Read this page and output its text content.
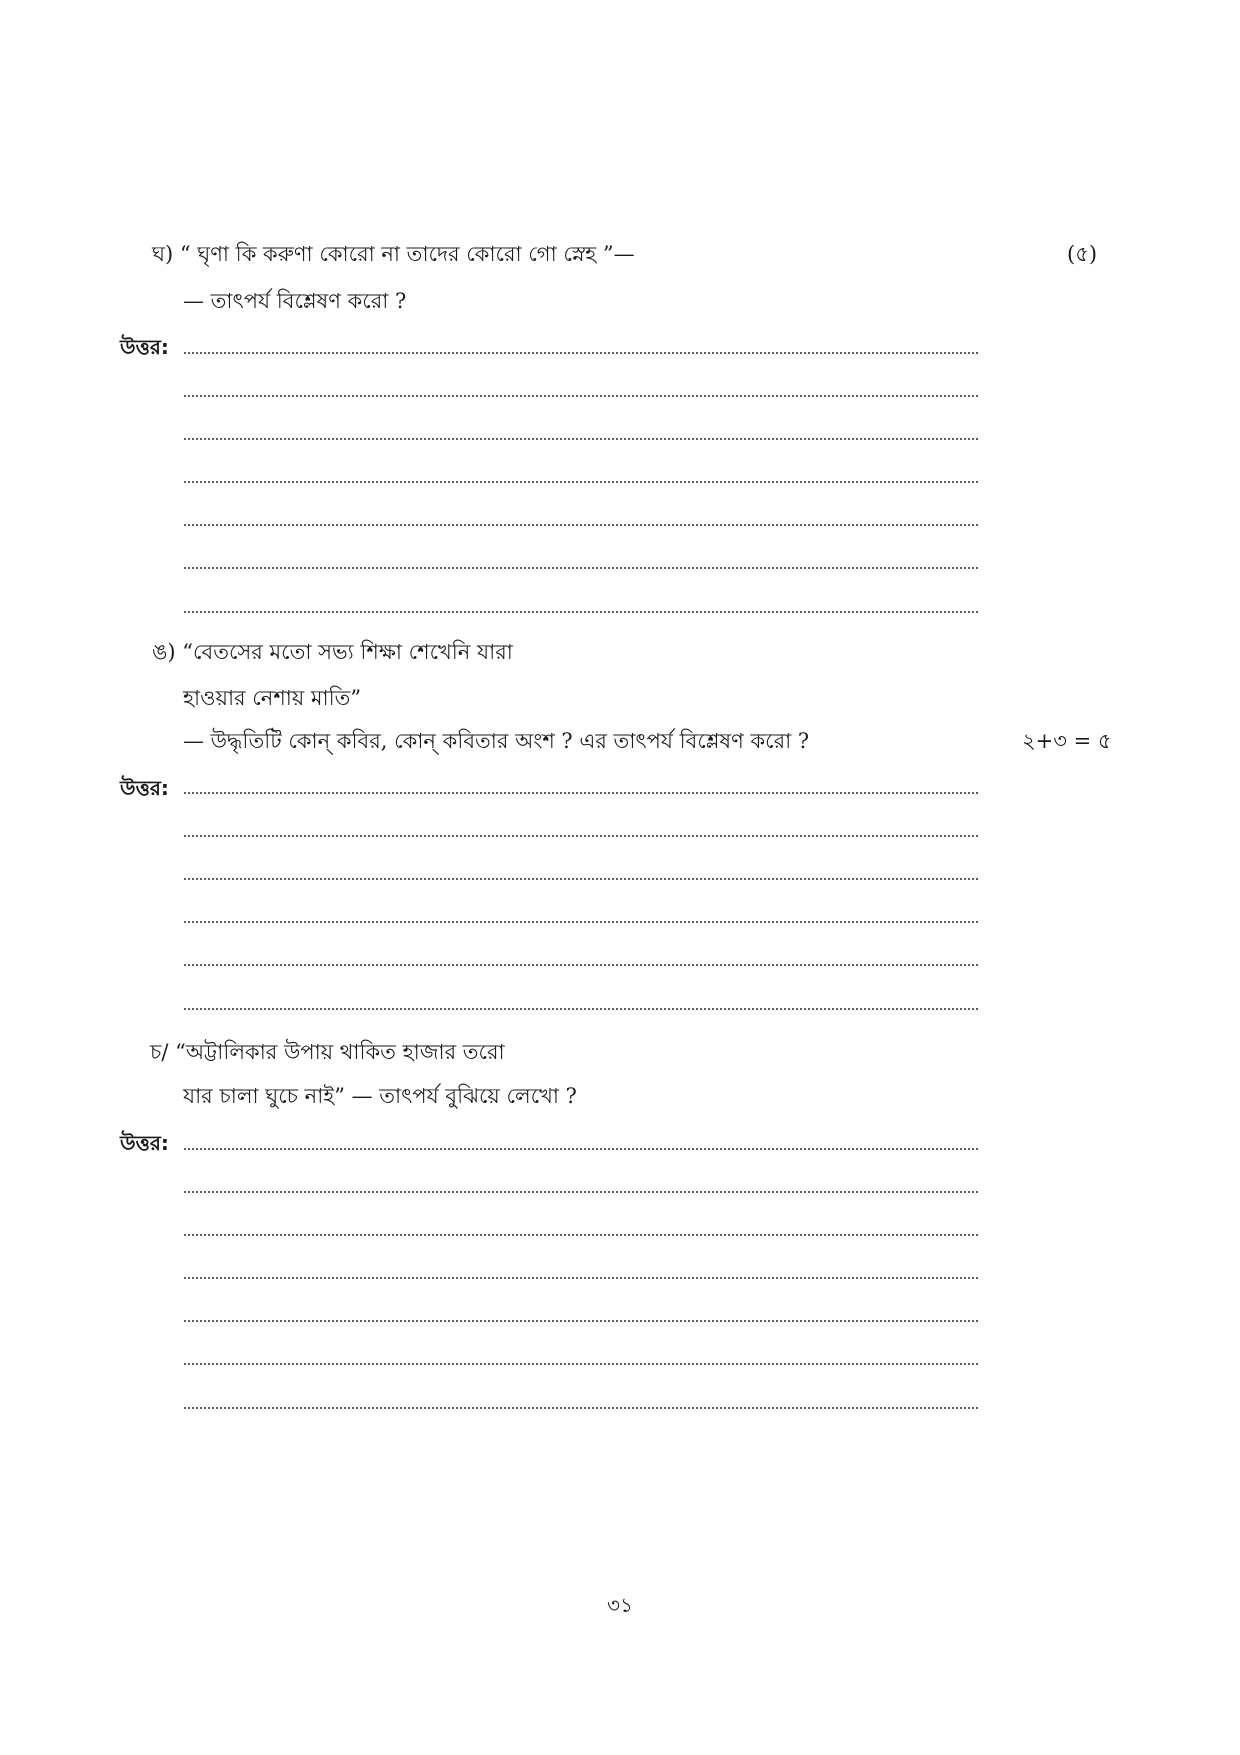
ঘ) “ ঘৃণা কি করুণা কোরো না তাদের কোরো গো স্নেহ ”—	(৫)
— তাৎপর্য বিশ্লেষণ করো ?
উত্তর:
ঙ) “বেতসের মতো সভ্য শিক্ষা শেখেনি যারা
হাওয়ার নেশায় মাতি”
— উদ্ধৃতিটি কোন্ কবির, কোন্ কবিতার অংশ ? এর তাৎপর্য বিশ্লেষণ করো ?	২+৩ = ৫
উত্তর:
চ/ “অট্টালিকার উপায় থাকিত হাজার তরো
যার চালা ঘুচে নাই” — তাৎপর্য বুঝিয়ে লেখো ?
উত্তর:
৩১
